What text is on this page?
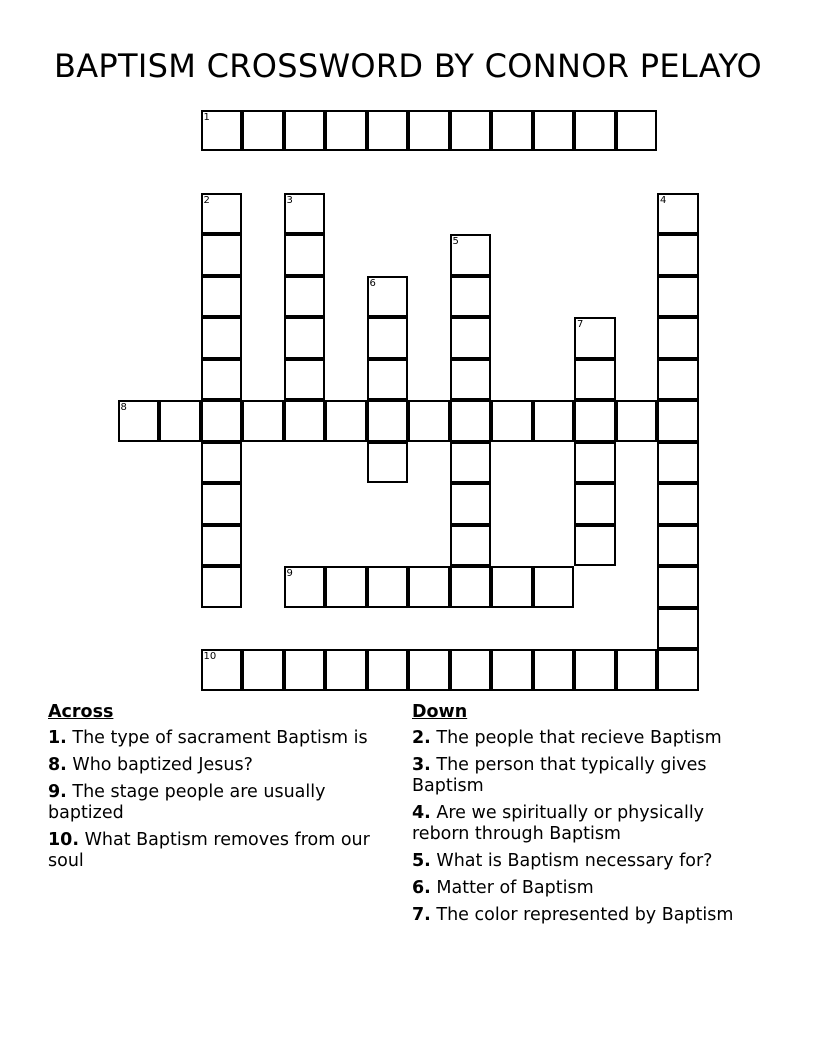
BAPTISM CROSSWORD BY CONNOR PELAYO
1
2	3	4
5
6
7
8
9
10
Across
1. The type of sacrament Baptism is
8. Who baptized Jesus?
9. The stage people are usually baptized
10. What Baptism removes from our soul
Down
2. The people that recieve Baptism
3. The person that typically gives Baptism
4. Are we spiritually or physically reborn through Baptism
5. What is Baptism necessary for?
6. Matter of Baptism
7. The color represented by Baptism
